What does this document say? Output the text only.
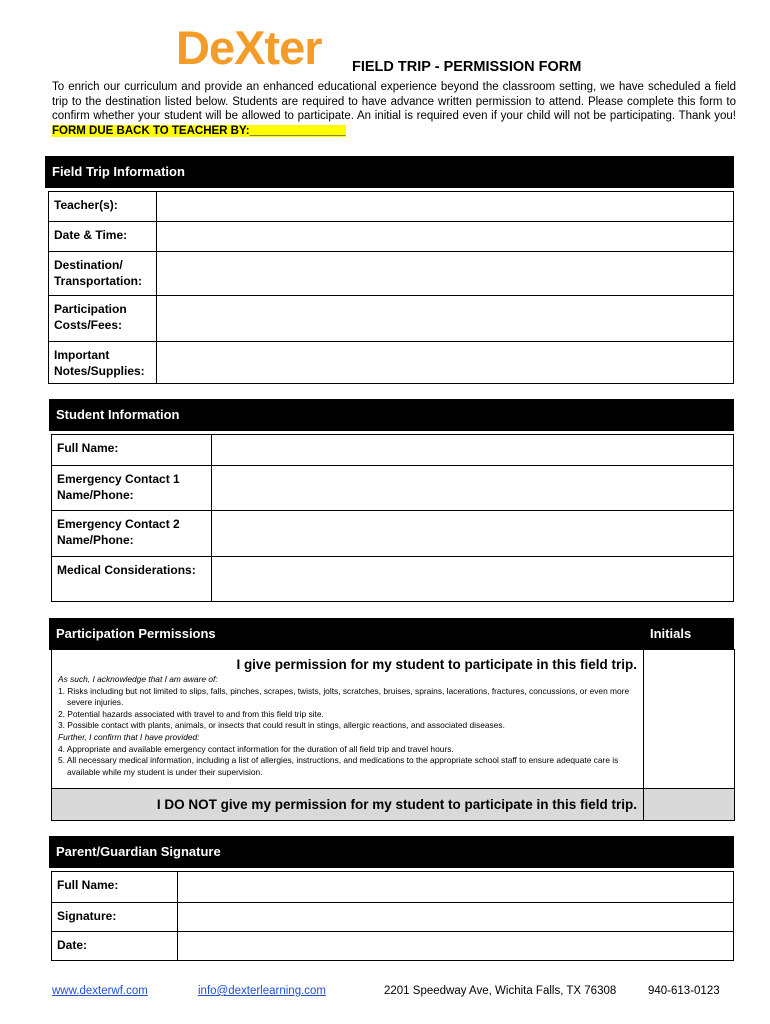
DeXter FIELD TRIP - PERMISSION FORM
To enrich our curriculum and provide an enhanced educational experience beyond the classroom setting, we have scheduled a field trip to the destination listed below. Students are required to have advance written permission to attend. Please complete this form to confirm whether your student will be allowed to participate. An initial is required even if your child will not be participating. Thank you! FORM DUE BACK TO TEACHER BY:_______________
Field Trip Information
Teacher(s):	
Date & Time:	
Destination/ Transportation:	
Participation Costs/Fees:	
Important Notes/Supplies:	
Student Information
Full Name:	
Emergency Contact 1 Name/Phone:	
Emergency Contact 2 Name/Phone:	
Medical Considerations:	
Participation Permissions	Initials
I give permission for my student to participate in this field trip.
As such, I acknowledge that I am aware of:
1. Risks including but not limited to slips, falls, pinches, scrapes, twists, jolts, scratches, bruises, sprains, lacerations, fractures, concussions, or even more severe injuries.
2. Potential hazards associated with travel to and from this field trip site.
3. Possible contact with plants, animals, or insects that could result in stings, allergic reactions, and associated diseases.
Further, I confirm that I have provided:
4. Appropriate and available emergency contact information for the duration of all field trip and travel hours.
5. All necessary medical information, including a list of allergies, instructions, and medications to the appropriate school staff to ensure adequate care is available while my student is under their supervision.
I DO NOT give my permission for my student to participate in this field trip.
Parent/Guardian Signature
Full Name:	
Signature:	
Date:	
www.dexterwf.com	info@dexterlearning.com	2201 Speedway Ave, Wichita Falls, TX 76308	940-613-0123
